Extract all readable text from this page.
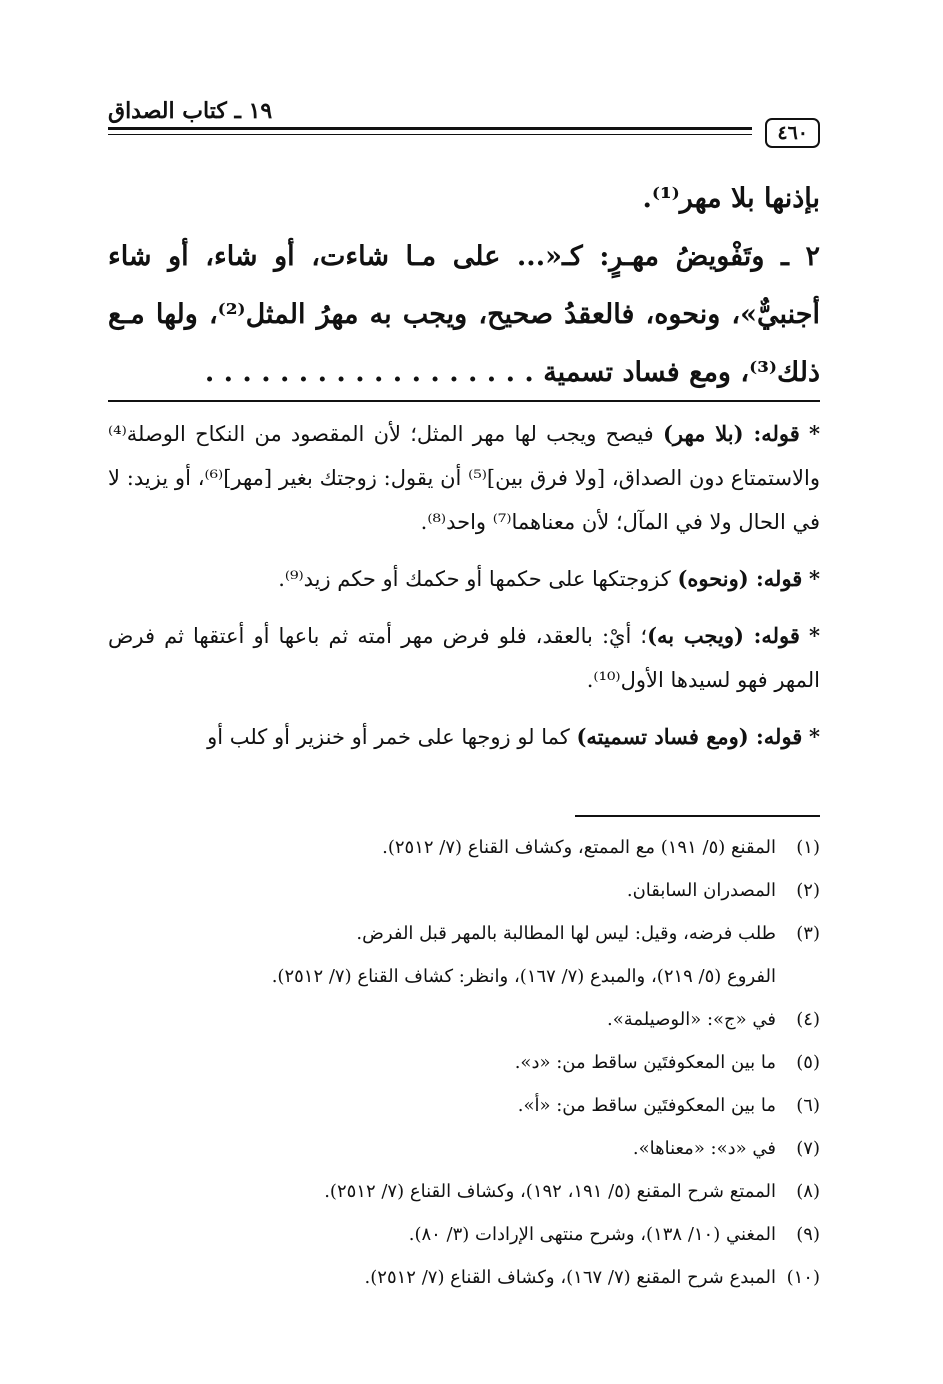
١٩ ـ كتاب الصداق
٤٦٠

بإذنها بلا مهر⁽¹⁾.

٢ ـ وتَفْويضُ مهـرٍ: كـ«... على مـا شاءت، أو شاء، أو شاء أجنبيٌّ»، ونحوه، فالعقدُ صحيح، ويجب به مهرُ المثل⁽²⁾، ولها مـع ذلك⁽³⁾، ومع فساد تسمية . . . . . . . . . . . . . . . . . .

* قوله: (بلا مهر) فيصح ويجب لها مهر المثل؛ لأن المقصود من النكاح الوصلة⁽⁴⁾ والاستمتاع دون الصداق، [ولا فرق بين]⁽⁵⁾ أن يقول: زوجتك بغير [مهر]⁽⁶⁾، أو يزيد: لا في الحال ولا في المآل؛ لأن معناهما⁽⁷⁾ واحد⁽⁸⁾.

* قوله: (ونحوه) كزوجتكها على حكمها أو حكمك أو حكم زيد⁽⁹⁾.

* قوله: (ويجب به)؛ أيْ: بالعقد، فلو فرض مهر أمته ثم باعها أو أعتقها ثم فرض المهر فهو لسيدها الأول⁽¹⁰⁾.

* قوله: (ومع فساد تسميته) كما لو زوجها على خمر أو خنزير أو كلب أو

(١)
المقنع (٥/ ١٩١) مع الممتع، وكشاف القناع (٧/ ٢٥١٢).
(٢)
المصدران السابقان.
(٣)
طلب فرضه، وقيل: ليس لها المطالبة بالمهر قبل الفرض.
الفروع (٥/ ٢١٩)، والمبدع (٧/ ١٦٧)، وانظر: كشاف القناع (٧/ ٢٥١٢).
(٤)
في «ج»: «الوصيلمة».
(٥)
ما بين المعكوفتَين ساقط من: «د».
(٦)
ما بين المعكوفتَين ساقط من: «أ».
(٧)
في «د»: «معناها».
(٨)
الممتع شرح المقنع (٥/ ١٩١، ١٩٢)، وكشاف القناع (٧/ ٢٥١٢).
(٩)
المغني (١٠/ ١٣٨)، وشرح منتهى الإرادات (٣/ ٨٠).
(١٠)
المبدع شرح المقنع (٧/ ١٦٧)، وكشاف القناع (٧/ ٢٥١٢).
